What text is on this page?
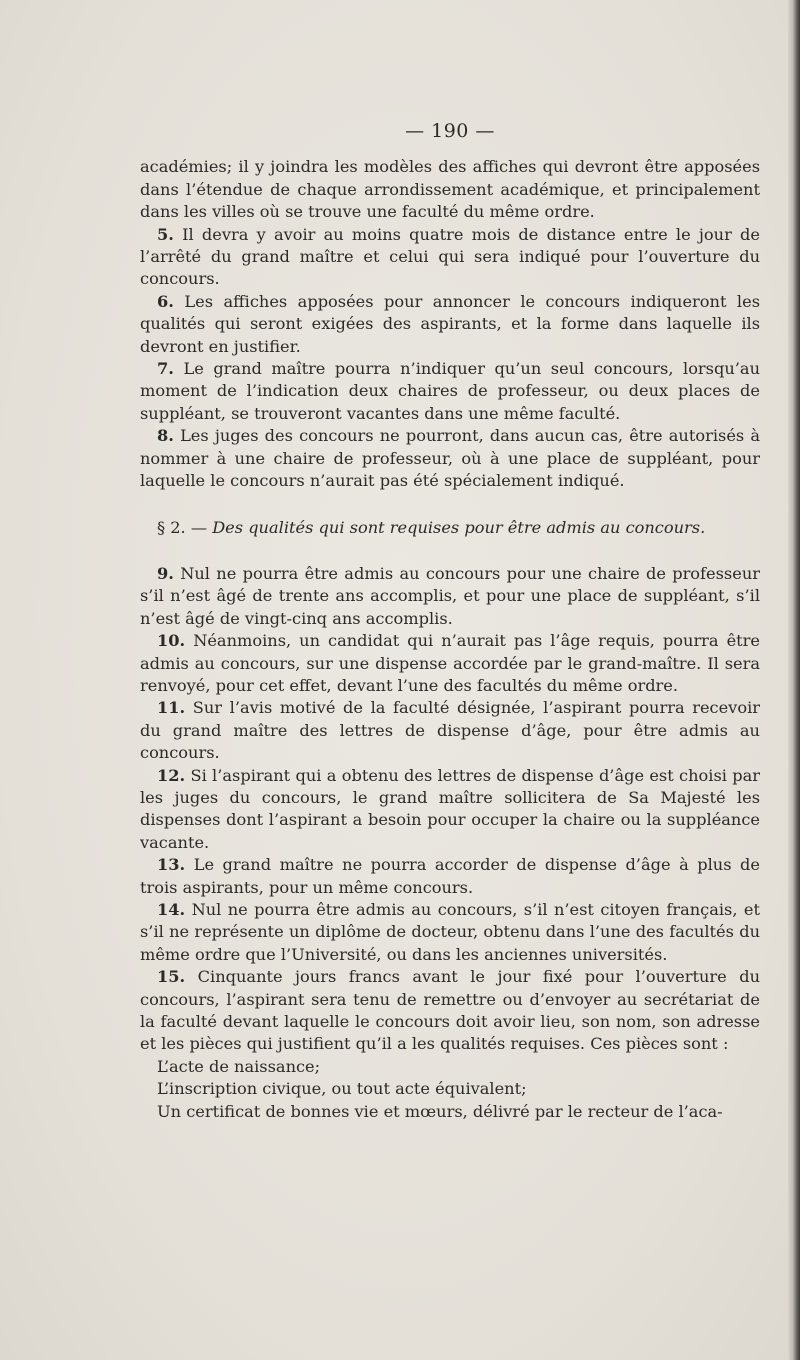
— 190 —

académies; il y joindra les modèles des affiches qui devront être apposées dans l’étendue de chaque arrondissement académique, et principalement dans les villes où se trouve une faculté du même ordre.

5. Il devra y avoir au moins quatre mois de distance entre le jour de l’arrêté du grand maître et celui qui sera indiqué pour l’ouverture du concours.

6. Les affiches apposées pour annoncer le concours indiqueront les qualités qui seront exigées des aspirants, et la forme dans laquelle ils devront en justifier.

7. Le grand maître pourra n’indiquer qu’un seul concours, lorsqu’au moment de l’indication deux chaires de professeur, ou deux places de suppléant, se trouveront vacantes dans une même faculté.

8. Les juges des concours ne pourront, dans aucun cas, être autorisés à nommer à une chaire de professeur, où à une place de suppléant, pour laquelle le concours n’aurait pas été spécialement indiqué.

§ 2. — Des qualités qui sont requises pour être admis au concours.

9. Nul ne pourra être admis au concours pour une chaire de professeur s’il n’est âgé de trente ans accomplis, et pour une place de suppléant, s’il n’est âgé de vingt-cinq ans accomplis.

10. Néanmoins, un candidat qui n’aurait pas l’âge requis, pourra être admis au concours, sur une dispense accordée par le grand-maître. Il sera renvoyé, pour cet effet, devant l’une des facultés du même ordre.

11. Sur l’avis motivé de la faculté désignée, l’aspirant pourra recevoir du grand maître des lettres de dispense d’âge, pour être admis au concours.

12. Si l’aspirant qui a obtenu des lettres de dispense d’âge est choisi par les juges du concours, le grand maître sollicitera de Sa Majesté les dispenses dont l’aspirant a besoin pour occuper la chaire ou la suppléance vacante.

13. Le grand maître ne pourra accorder de dispense d’âge à plus de trois aspirants, pour un même concours.

14. Nul ne pourra être admis au concours, s’il n’est citoyen français, et s’il ne représente un diplôme de docteur, obtenu dans l’une des facultés du même ordre que l’Université, ou dans les anciennes universités.

15. Cinquante jours francs avant le jour fixé pour l’ouverture du concours, l’aspirant sera tenu de remettre ou d’envoyer au secrétariat de la faculté devant laquelle le concours doit avoir lieu, son nom, son adresse et les pièces qui justifient qu’il a les qualités requises. Ces pièces sont :

L’acte de naissance;

L’inscription civique, ou tout acte équivalent;

Un certificat de bonnes vie et mœurs, délivré par le recteur de l’aca-
